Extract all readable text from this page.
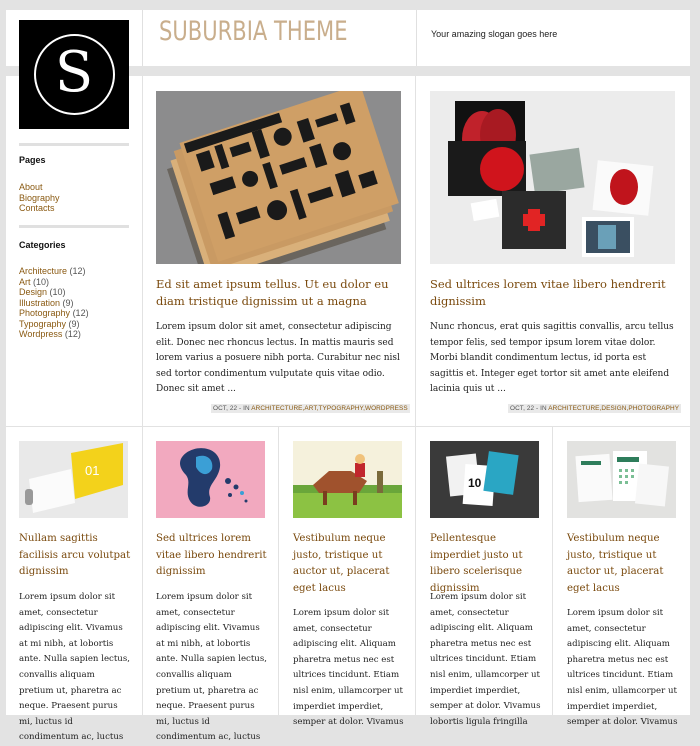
SUBURBIA THEME	Your amazing slogan goes here
S
Pages
About
Biography
Contacts
Categories
Architecture (12)
Art (10)
Design (10)
Illustration (9)
Photography (12)
Typography (9)
Wordpress (12)
Ed sit amet ipsum tellus. Ut eu dolor eu diam tristique dignissim ut a magna

Lorem ipsum dolor sit amet, consectetur adipiscing elit. Donec nec rhoncus lectus. In mattis mauris sed lorem varius a posuere nibh porta. Curabitur nec nisl sed tortor condimentum vulputate quis vitae odio. Donec sit amet ...

OCT, 22 - IN ARCHITECTURE,ART,TYPOGRAPHY,WORDPRESS
Sed ultrices lorem vitae libero hendrerit dignissim

Nunc rhoncus, erat quis sagittis convallis, arcu tellus tempor felis, sed tempor ipsum lorem vitae dolor. Morbi blandit condimentum lectus, id porta est sagittis et. Integer eget tortor sit amet ante eleifend lacinia quis ut ...

OCT, 22 - IN ARCHITECTURE,DESIGN,PHOTOGRAPHY
01
Nullam sagittis facilisis arcu volutpat dignissim

Lorem ipsum dolor sit amet, consectetur adipiscing elit. Vivamus at mi nibh, at lobortis ante. Nulla sapien lectus, convallis aliquam pretium ut, pharetra ac neque. Praesent purus mi, luctus id condimentum ac, luctus

Sed ultrices lorem vitae libero hendrerit dignissim

Lorem ipsum dolor sit amet, consectetur adipiscing elit. Vivamus at mi nibh, at lobortis ante. Nulla sapien lectus, convallis aliquam pretium ut, pharetra ac neque. Praesent purus mi, luctus id condimentum ac, luctus

Vestibulum neque justo, tristique ut auctor ut, placerat eget lacus

Lorem ipsum dolor sit amet, consectetur adipiscing elit. Aliquam pharetra metus nec est ultrices tincidunt. Etiam nisl enim, ullamcorper ut imperdiet imperdiet, semper at dolor. Vivamus

10
Pellentesque imperdiet justo ut libero scelerisque dignissim

Lorem ipsum dolor sit amet, consectetur adipiscing elit. Aliquam pharetra metus nec est ultrices tincidunt. Etiam nisl enim, ullamcorper ut imperdiet imperdiet, semper at dolor. Vivamus lobortis ligula fringilla

Vestibulum neque justo, tristique ut auctor ut, placerat eget lacus

Lorem ipsum dolor sit amet, consectetur adipiscing elit. Aliquam pharetra metus nec est ultrices tincidunt. Etiam nisl enim, ullamcorper ut imperdiet imperdiet, semper at dolor. Vivamus
